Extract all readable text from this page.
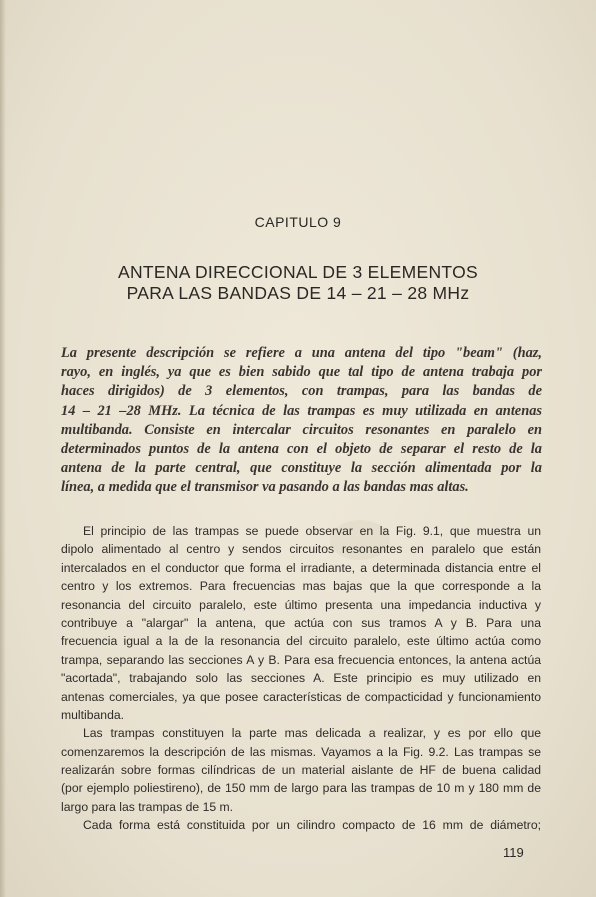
CAPITULO 9
ANTENA DIRECCIONAL DE 3 ELEMENTOS
PARA LAS BANDAS DE 14 – 21 – 28 MHz
La presente descripción se refiere a una antena del tipo "beam" (haz,
rayo, en inglés, ya que es bien sabido que tal tipo de antena trabaja por
haces dirigidos) de 3 elementos, con trampas, para las bandas de
14 – 21 –28 MHz. La técnica de las trampas es muy utilizada en antenas
multibanda. Consiste en intercalar circuitos resonantes en paralelo en
determinados puntos de la antena con el objeto de separar el resto de la
antena de la parte central, que constituye la sección alimentada por la
línea, a medida que el transmisor va pasando a las bandas mas altas.
El principio de las trampas se puede observar en la Fig. 9.1, que muestra un
dipolo alimentado al centro y sendos circuitos resonantes en paralelo que están
intercalados en el conductor que forma el irradiante, a determinada distancia entre el
centro y los extremos. Para frecuencias mas bajas que la que corresponde a la
resonancia del circuito paralelo, este último presenta una impedancia inductiva y
contribuye a "alargar" la antena, que actúa con sus tramos A y B. Para una
frecuencia igual a la de la resonancia del circuito paralelo, este último actúa como
trampa, separando las secciones A y B. Para esa frecuencia entonces, la antena actúa
"acortada", trabajando solo las secciones A. Este principio es muy utilizado en
antenas comerciales, ya que posee características de compacticidad y funcionamiento
multibanda.
Las trampas constituyen la parte mas delicada a realizar, y es por ello que
comenzaremos la descripción de las mismas. Vayamos a la Fig. 9.2. Las trampas se
realizarán sobre formas cilíndricas de un material aislante de HF de buena calidad
(por ejemplo poliestireno), de 150 mm de largo para las trampas de 10 m y 180 mm de
largo para las trampas de 15 m.
Cada forma está constituida por un cilindro compacto de 16 mm de diámetro;
119
